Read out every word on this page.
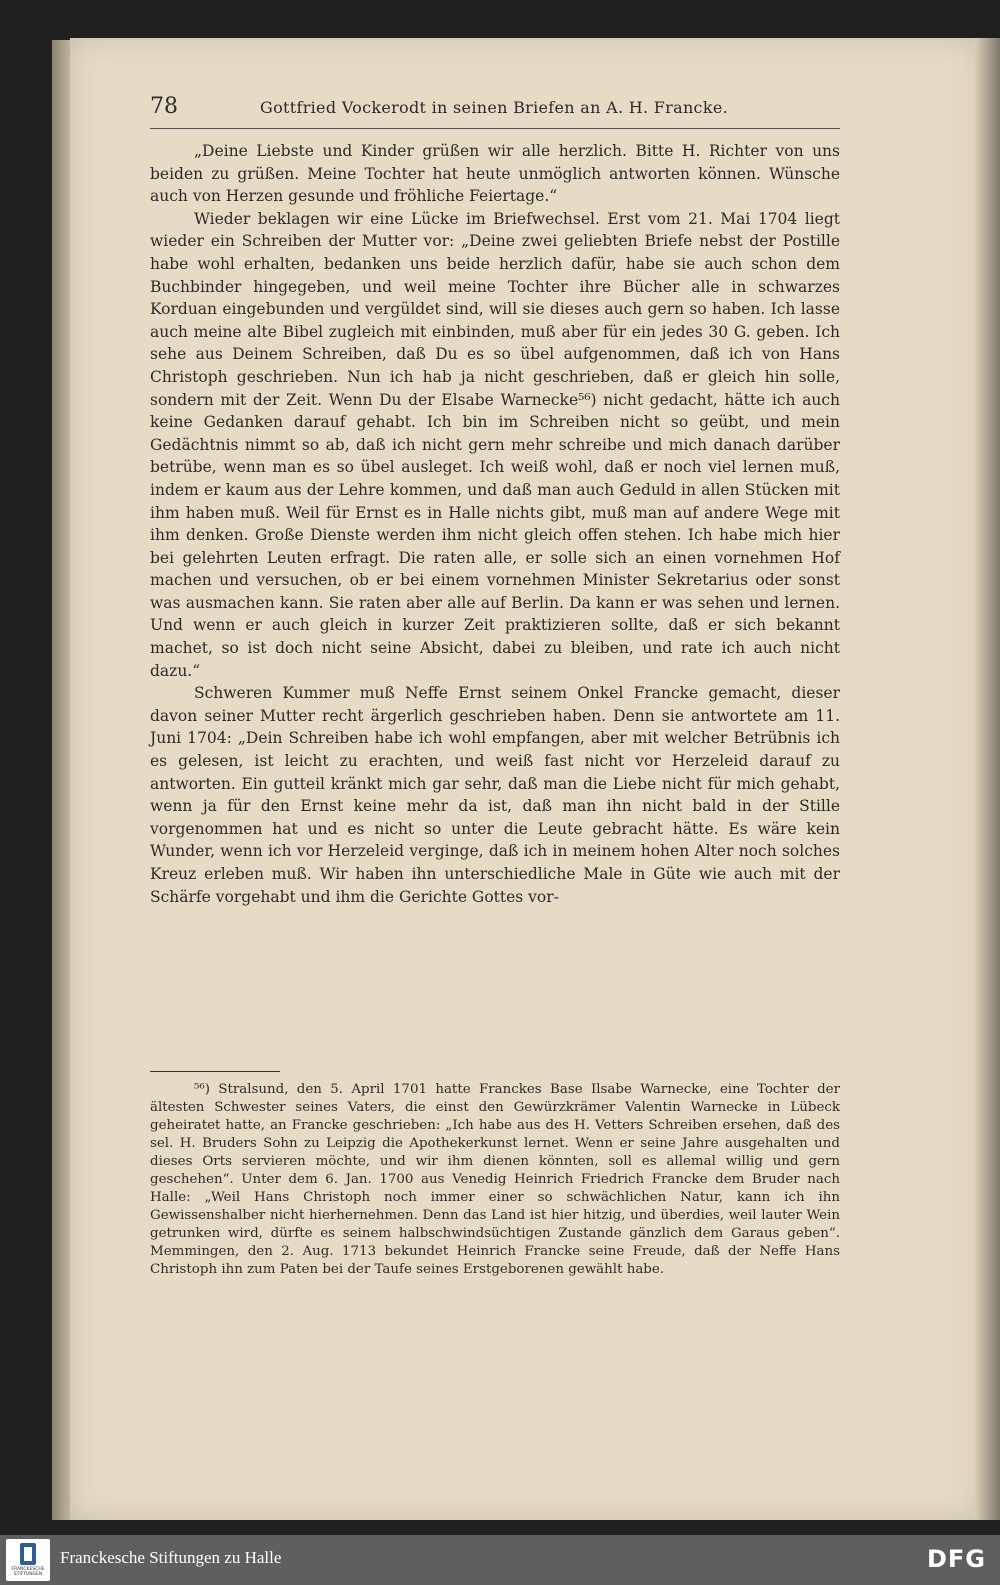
78	Gottfried Vockerodt in seinen Briefen an A. H. Francke.

„Deine Liebste und Kinder grüßen wir alle herzlich. Bitte H. Richter von uns beiden zu grüßen. Meine Tochter hat heute unmöglich antworten können. Wünsche auch von Herzen gesunde und fröhliche Feiertage.“

Wieder beklagen wir eine Lücke im Briefwechsel. Erst vom 21. Mai 1704 liegt wieder ein Schreiben der Mutter vor: „Deine zwei geliebten Briefe nebst der Postille habe wohl erhalten, bedanken uns beide herzlich dafür, habe sie auch schon dem Buchbinder hingegeben, und weil meine Tochter ihre Bücher alle in schwarzes Korduan eingebunden und vergüldet sind, will sie dieses auch gern so haben. Ich lasse auch meine alte Bibel zugleich mit einbinden, muß aber für ein jedes 30 G. geben. Ich sehe aus Deinem Schreiben, daß Du es so übel aufgenommen, daß ich von Hans Christoph geschrieben. Nun ich hab ja nicht geschrieben, daß er gleich hin solle, sondern mit der Zeit. Wenn Du der Elsabe Warnecke⁵⁶) nicht gedacht, hätte ich auch keine Gedanken darauf gehabt. Ich bin im Schreiben nicht so geübt, und mein Gedächtnis nimmt so ab, daß ich nicht gern mehr schreibe und mich danach darüber betrübe, wenn man es so übel ausleget. Ich weiß wohl, daß er noch viel lernen muß, indem er kaum aus der Lehre kommen, und daß man auch Geduld in allen Stücken mit ihm haben muß. Weil für Ernst es in Halle nichts gibt, muß man auf andere Wege mit ihm denken. Große Dienste werden ihm nicht gleich offen stehen. Ich habe mich hier bei gelehrten Leuten erfragt. Die raten alle, er solle sich an einen vornehmen Hof machen und versuchen, ob er bei einem vornehmen Minister Sekretarius oder sonst was ausmachen kann. Sie raten aber alle auf Berlin. Da kann er was sehen und lernen. Und wenn er auch gleich in kurzer Zeit praktizieren sollte, daß er sich bekannt machet, so ist doch nicht seine Absicht, dabei zu bleiben, und rate ich auch nicht dazu.“

Schweren Kummer muß Neffe Ernst seinem Onkel Francke gemacht, dieser davon seiner Mutter recht ärgerlich geschrieben haben. Denn sie antwortete am 11. Juni 1704: „Dein Schreiben habe ich wohl empfangen, aber mit welcher Betrübnis ich es gelesen, ist leicht zu erachten, und weiß fast nicht vor Herzeleid darauf zu antworten. Ein gutteil kränkt mich gar sehr, daß man die Liebe nicht für mich gehabt, wenn ja für den Ernst keine mehr da ist, daß man ihn nicht bald in der Stille vorgenommen hat und es nicht so unter die Leute gebracht hätte. Es wäre kein Wunder, wenn ich vor Herzeleid verginge, daß ich in meinem hohen Alter noch solches Kreuz erleben muß. Wir haben ihn unterschiedliche Male in Güte wie auch mit der Schärfe vorgehabt und ihm die Gerichte Gottes vor-

⁵⁶) Stralsund, den 5. April 1701 hatte Franckes Base Ilsabe Warnecke, eine Tochter der ältesten Schwester seines Vaters, die einst den Gewürzkrämer Valentin Warnecke in Lübeck geheiratet hatte, an Francke geschrieben: „Ich habe aus des H. Vetters Schreiben ersehen, daß des sel. H. Bruders Sohn zu Leipzig die Apothekerkunst lernet. Wenn er seine Jahre ausgehalten und dieses Orts servieren möchte, und wir ihm dienen könnten, soll es allemal willig und gern geschehen“. Unter dem 6. Jan. 1700 aus Venedig Heinrich Friedrich Francke dem Bruder nach Halle: „Weil Hans Christoph noch immer einer so schwächlichen Natur, kann ich ihn Gewissenshalber nicht hierhernehmen. Denn das Land ist hier hitzig, und überdies, weil lauter Wein getrunken wird, dürfte es seinem halbschwindsüchtigen Zustande gänzlich dem Garaus geben“. Memmingen, den 2. Aug. 1713 bekundet Heinrich Francke seine Freude, daß der Neffe Hans Christoph ihn zum Paten bei der Taufe seines Erstgeborenen gewählt habe.

FRANCKESCHE STIFTUNGEN
Franckesche Stiftungen zu Halle	DFG
